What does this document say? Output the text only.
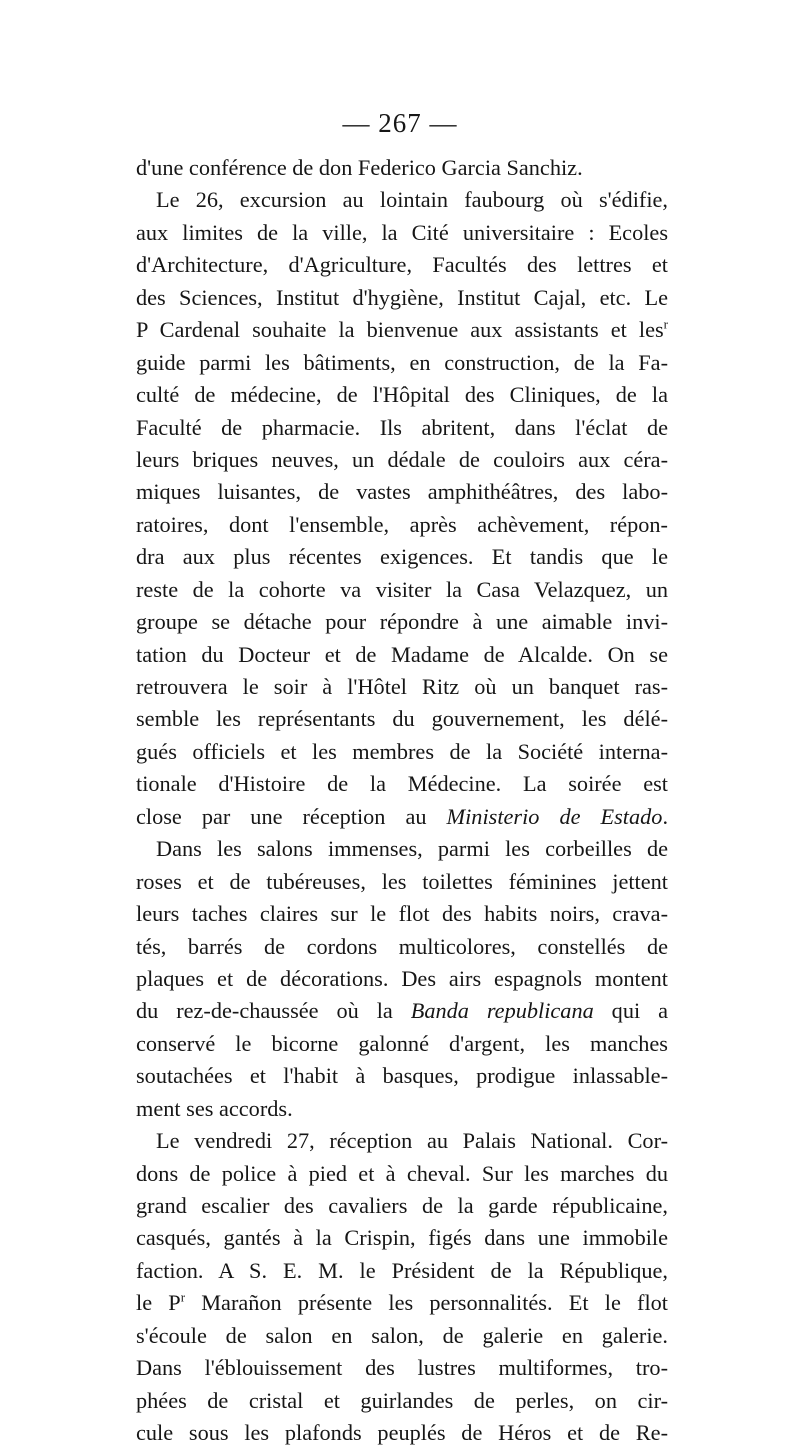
— 267 —
d'une conférence de don Federico Garcia Sanchiz.
Le 26, excursion au lointain faubourg où s'édifie,
aux limites de la ville, la Cité universitaire : Ecoles
d'Architecture, d'Agriculture, Facultés des lettres et
des Sciences, Institut d'hygiène, Institut Cajal, etc. Le
P Cardenal souhaite la bienvenue aux assistants et les$^r$
guide parmi les bâtiments, en construction, de la Fa-
culté de médecine, de l'Hôpital des Cliniques, de la
Faculté de pharmacie. Ils abritent, dans l'éclat de
leurs briques neuves, un dédale de couloirs aux céra-
miques luisantes, de vastes amphithéâtres, des labo-
ratoires, dont l'ensemble, après achèvement, répon-
dra aux plus récentes exigences. Et tandis que le
reste de la cohorte va visiter la Casa Velazquez, un
groupe se détache pour répondre à une aimable invi-
tation du Docteur et de Madame de Alcalde. On se
retrouvera le soir à l'Hôtel Ritz où un banquet ras-
semble les représentants du gouvernement, les délé-
gués officiels et les membres de la Société interna-
tionale d'Histoire de la Médecine. La soirée est
close par une réception au Ministerio de Estado.
Dans les salons immenses, parmi les corbeilles de
roses et de tubéreuses, les toilettes féminines jettent
leurs taches claires sur le flot des habits noirs, crava-
tés, barrés de cordons multicolores, constellés de
plaques et de décorations. Des airs espagnols montent
du rez-de-chaussée où la Banda republicana qui a
conservé le bicorne galonné d'argent, les manches
soutachées et l'habit à basques, prodigue inlassable-
ment ses accords.
Le vendredi 27, réception au Palais National. Cor-
dons de police à pied et à cheval. Sur les marches du
grand escalier des cavaliers de la garde républicaine,
casqués, gantés à la Crispin, figés dans une immobile
faction. A S. E. M. le Président de la République,
le $P^r$ Marañon présente les personnalités. Et le flot
s'écoule de salon en salon, de galerie en galerie.
Dans l'éblouissement des lustres multiformes, tro-
phées de cristal et guirlandes de perles, on cir-
cule sous les plafonds peuplés de Héros et de Re-
